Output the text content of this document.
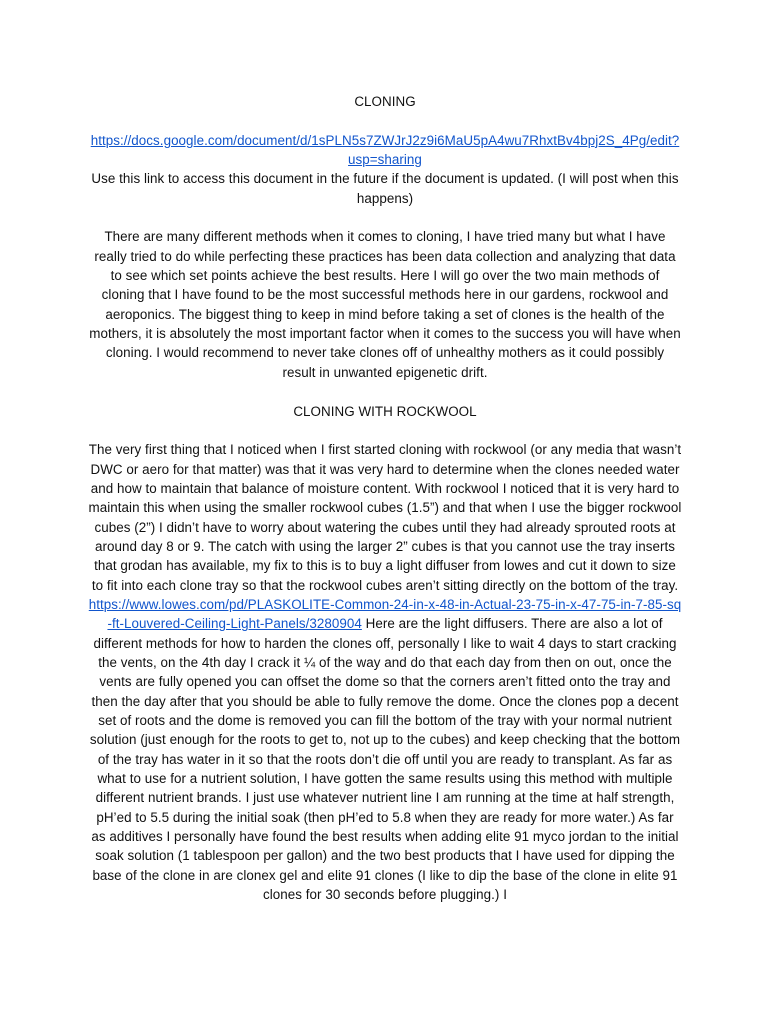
CLONING

https://docs.google.com/document/d/1sPLN5s7ZWJrJ2z9i6MaU5pA4wu7RhxtBv4bpj2S_4Pg/edit?usp=sharing

Use this link to access this document in the future if the document is updated. (I will post when this happens)

There are many different methods when it comes to cloning, I have tried many but what I have really tried to do while perfecting these practices has been data collection and analyzing that data to see which set points achieve the best results. Here I will go over the two main methods of cloning that I have found to be the most successful methods here in our gardens, rockwool and aeroponics. The biggest thing to keep in mind before taking a set of clones is the health of the mothers, it is absolutely the most important factor when it comes to the success you will have when cloning. I would recommend to never take clones off of unhealthy mothers as it could possibly result in unwanted epigenetic drift.

CLONING WITH ROCKWOOL

The very first thing that I noticed when I first started cloning with rockwool (or any media that wasn’t DWC or aero for that matter) was that it was very hard to determine when the clones needed water and how to maintain that balance of moisture content. With rockwool I noticed that it is very hard to maintain this when using the smaller rockwool cubes (1.5”) and that when I use the bigger rockwool cubes (2”) I didn’t have to worry about watering the cubes until they had already sprouted roots at around day 8 or 9. The catch with using the larger 2” cubes is that you cannot use the tray inserts that grodan has available, my fix to this is to buy a light diffuser from lowes and cut it down to size to fit into each clone tray so that the rockwool cubes aren’t sitting directly on the bottom of the tray.

https://www.lowes.com/pd/PLASKOLITE-Common-24-in-x-48-in-Actual-23-75-in-x-47-75-in-7-85-sq-ft-Louvered-Ceiling-Light-Panels/3280904 Here are the light diffusers. There are also a lot of different methods for how to harden the clones off, personally I like to wait 4 days to start cracking the vents, on the 4th day I crack it ¼ of the way and do that each day from then on out, once the vents are fully opened you can offset the dome so that the corners aren’t fitted onto the tray and then the day after that you should be able to fully remove the dome. Once the clones pop a decent set of roots and the dome is removed you can fill the bottom of the tray with your normal nutrient solution (just enough for the roots to get to, not up to the cubes) and keep checking that the bottom of the tray has water in it so that the roots don’t die off until you are ready to transplant. As far as what to use for a nutrient solution, I have gotten the same results using this method with multiple different nutrient brands. I just use whatever nutrient line I am running at the time at half strength, pH’ed to 5.5 during the initial soak (then pH’ed to 5.8 when they are ready for more water.) As far as additives I personally have found the best results when adding elite 91 myco jordan to the initial soak solution (1 tablespoon per gallon) and the two best products that I have used for dipping the base of the clone in are clonex gel and elite 91 clones (I like to dip the base of the clone in elite 91 clones for 30 seconds before plugging.) I
